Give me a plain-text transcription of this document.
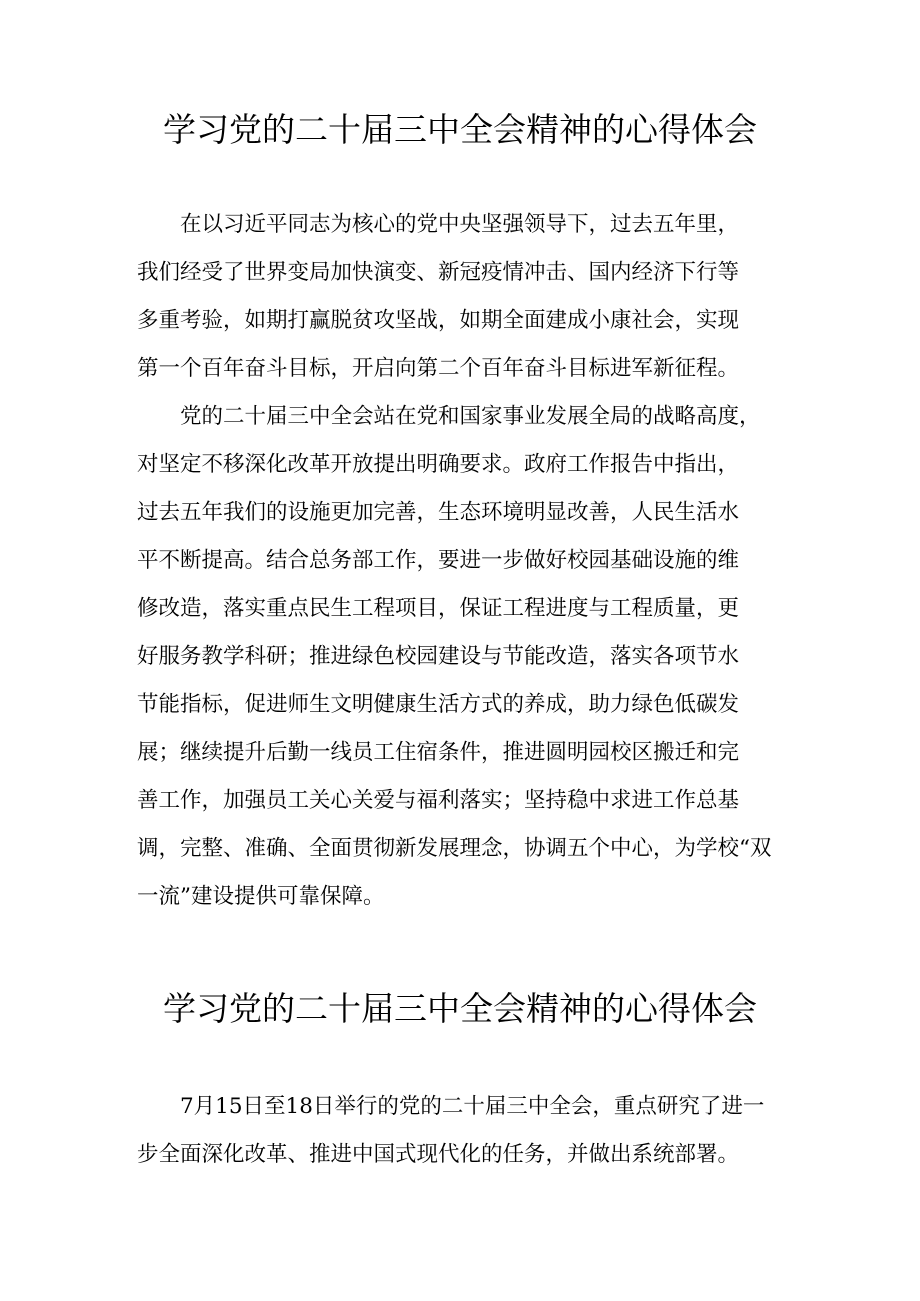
学习党的二十届三中全会精神的心得体会

在以习近平同志为核心的党中央坚强领导下，过去五年里，
我们经受了世界变局加快演变、新冠疫情冲击、国内经济下行等
多重考验，如期打赢脱贫攻坚战，如期全面建成小康社会，实现
第一个百年奋斗目标，开启向第二个百年奋斗目标进军新征程。

党的二十届三中全会站在党和国家事业发展全局的战略高度，
对坚定不移深化改革开放提出明确要求。政府工作报告中指出，
过去五年我们的设施更加完善，生态环境明显改善，人民生活水
平不断提高。结合总务部工作，要进一步做好校园基础设施的维
修改造，落实重点民生工程项目，保证工程进度与工程质量，更
好服务教学科研；推进绿色校园建设与节能改造，落实各项节水
节能指标，促进师生文明健康生活方式的养成，助力绿色低碳发
展；继续提升后勤一线员工住宿条件，推进圆明园校区搬迁和完
善工作，加强员工关心关爱与福利落实；坚持稳中求进工作总基
调，完整、准确、全面贯彻新发展理念，协调五个中心，为学校“双
一流”建设提供可靠保障。

学习党的二十届三中全会精神的心得体会

7月15日至18日举行的党的二十届三中全会，重点研究了进一
步全面深化改革、推进中国式现代化的任务，并做出系统部署。
